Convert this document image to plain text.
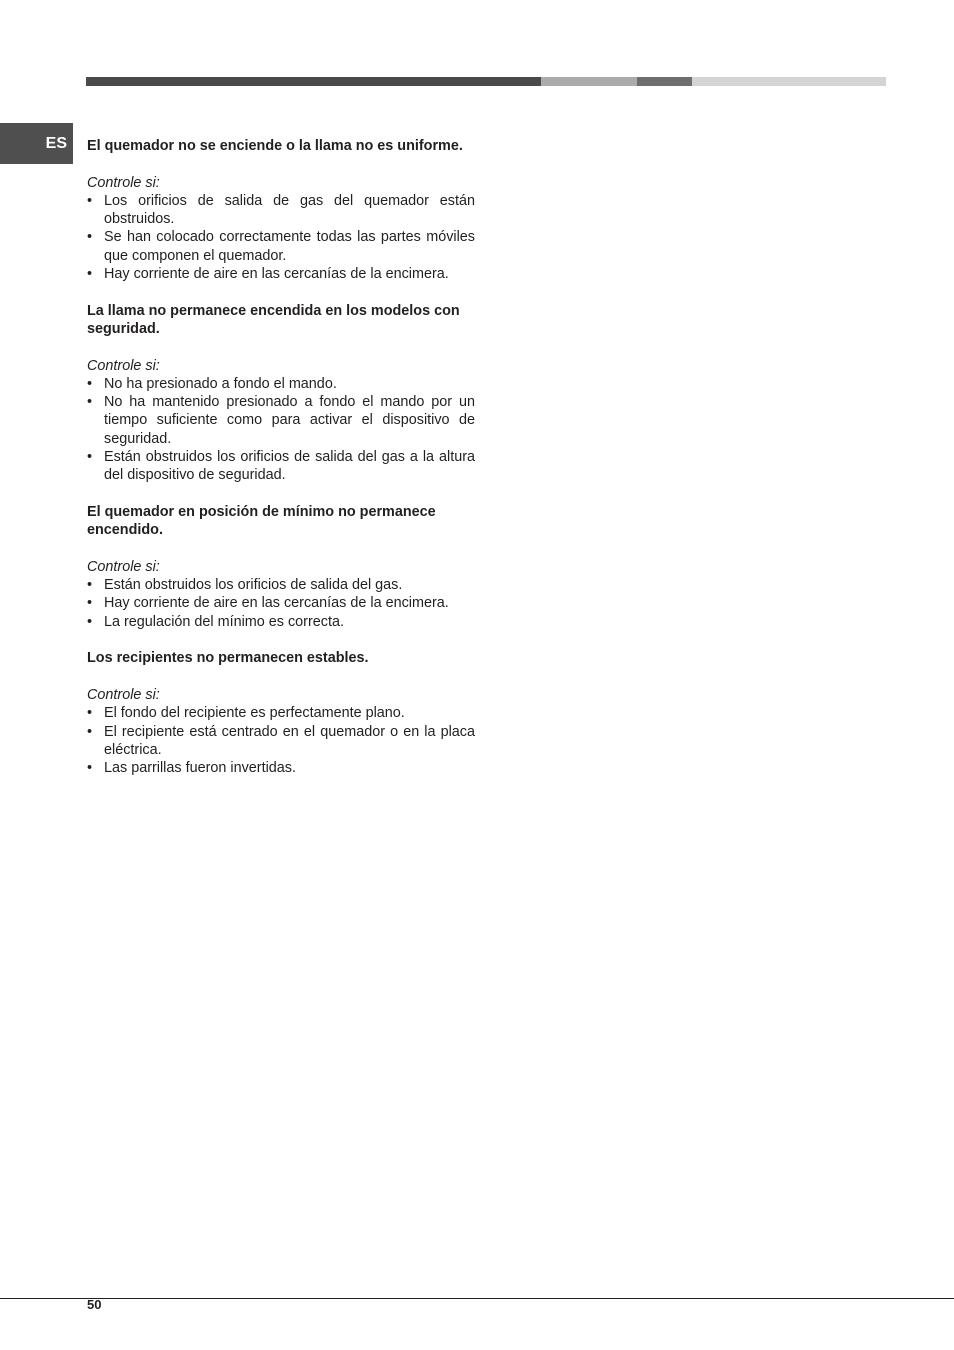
ES	El quemador no se enciende o la llama no es uniforme.

Controle si:

• Los orificios de salida de gas del quemador están obstruidos.
• Se han colocado correctamente todas las partes móviles que componen el quemador.
• Hay corriente de aire en las cercanías de la encimera.

La llama no permanece encendida en los modelos con seguridad.

Controle si:

• No ha presionado a fondo el mando.
• No ha mantenido presionado a fondo el mando por un tiempo suficiente como para activar el dispositivo de seguridad.
• Están obstruidos los orificios de salida del gas a la altura del dispositivo de seguridad.

El quemador en posición de mínimo no permanece encendido.

Controle si:

• Están obstruidos los orificios de salida del gas.
• Hay corriente de aire en las cercanías de la encimera.
• La regulación del mínimo es correcta.

Los recipientes no permanecen estables.

Controle si:

• El fondo del recipiente es perfectamente plano.
• El recipiente está centrado en el quemador o en la placa eléctrica.
• Las parrillas fueron invertidas.
50
